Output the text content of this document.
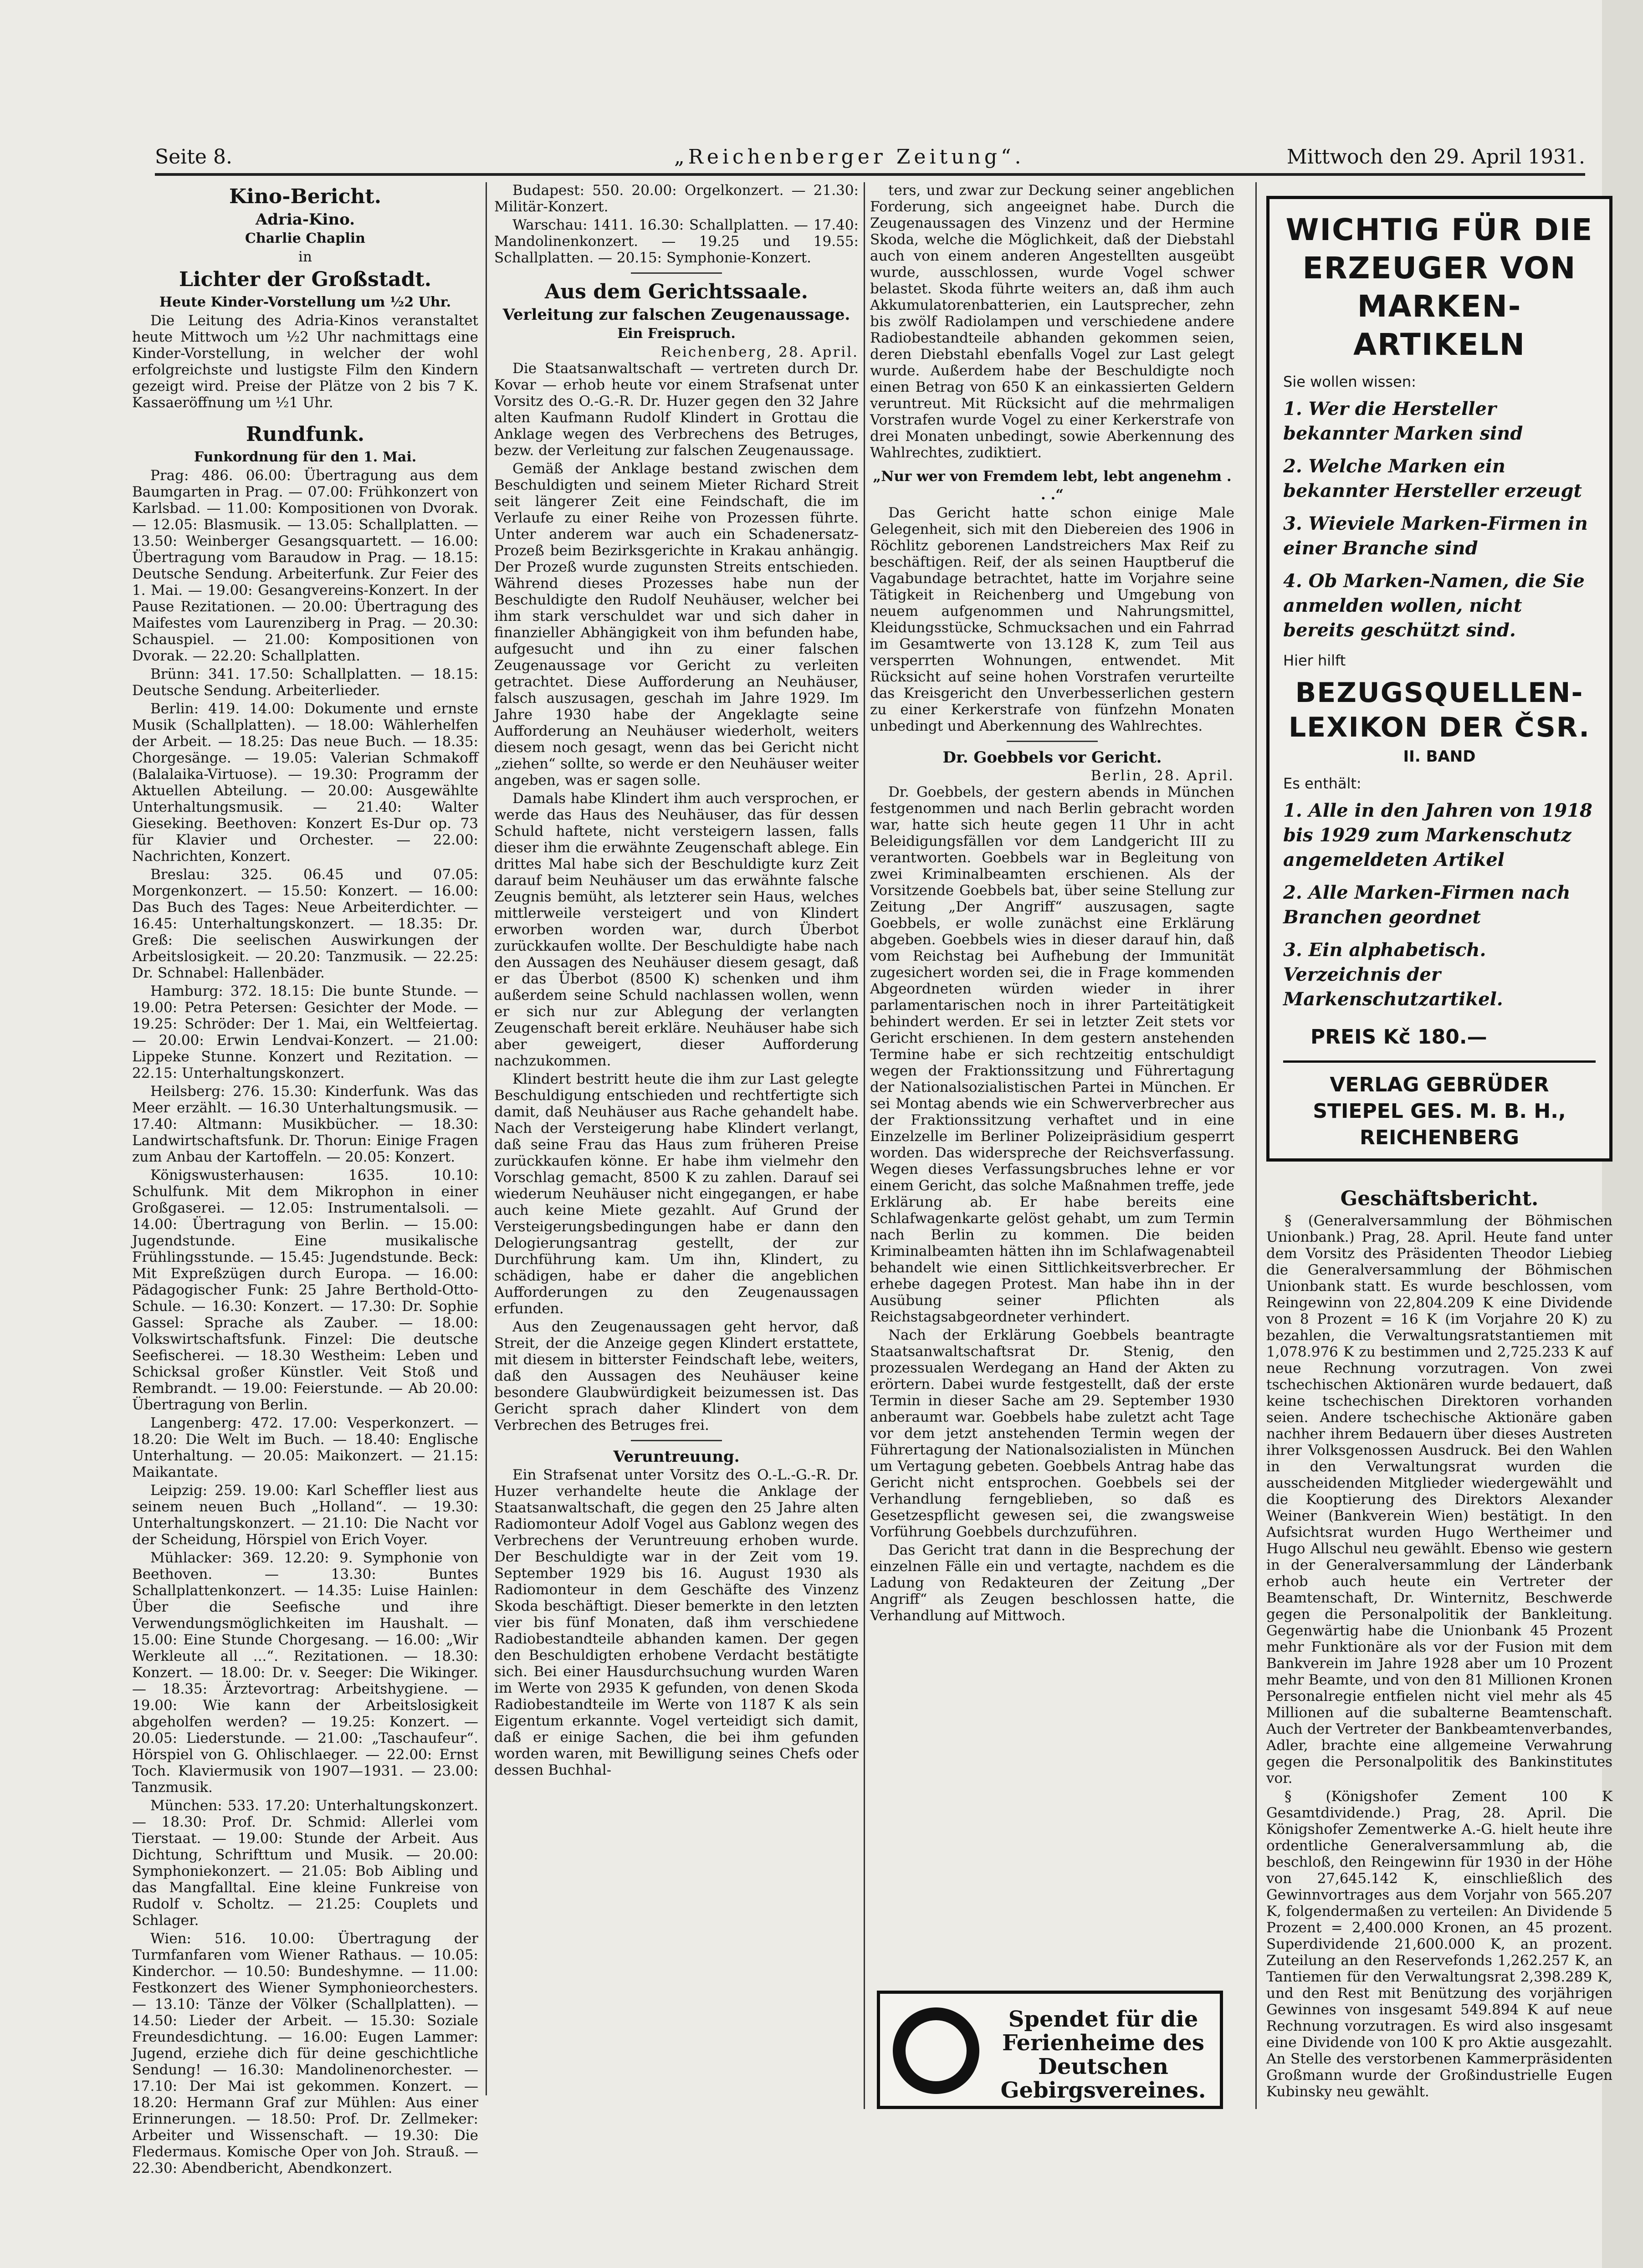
Seite 8.	„Reichenberger Zeitung“.	Mittwoch den 29. April 1931.
Kino-Bericht.
Adria-Kino.
Charlie Chaplin
in
Lichter der Großstadt.
Heute Kinder-Vorstellung um ½2 Uhr.

Die Leitung des Adria-Kinos veranstaltet heute Mittwoch um ½2 Uhr nachmittags eine Kinder-Vorstellung, in welcher der wohl erfolgreichste und lustigste Film den Kindern gezeigt wird. Preise der Plätze von 2 bis 7 K. Kassaeröffnung um ½1 Uhr.

Rundfunk.
Funkordnung für den 1. Mai.

Prag: 486. 06.00: Übertragung aus dem Baumgarten in Prag. — 07.00: Frühkonzert von Karlsbad. — 11.00: Kompositionen von Dvorak. — 12.05: Blasmusik. — 13.05: Schallplatten. — 13.50: Weinberger Gesangsquartett. — 16.00: Übertragung vom Baraudow in Prag. — 18.15: Deutsche Sendung. Arbeiterfunk. Zur Feier des 1. Mai. — 19.00: Gesangvereins-Konzert. In der Pause Rezitationen. — 20.00: Übertragung des Maifestes vom Laurenziberg in Prag. — 20.30: Schauspiel. — 21.00: Kompositionen von Dvorak. — 22.20: Schallplatten.

Brünn: 341. 17.50: Schallplatten. — 18.15: Deutsche Sendung. Arbeiterlieder.

Berlin: 419. 14.00: Dokumente und ernste Musik (Schallplatten). — 18.00: Wählerhelfen der Arbeit. — 18.25: Das neue Buch. — 18.35: Chorgesänge. — 19.05: Valerian Schmakoff (Balalaika-Virtuose). — 19.30: Programm der Aktuellen Abteilung. — 20.00: Ausgewählte Unterhaltungsmusik. — 21.40: Walter Gieseking. Beethoven: Konzert Es-Dur op. 73 für Klavier und Orchester. — 22.00: Nachrichten, Konzert.

Breslau: 325. 06.45 und 07.05: Morgenkonzert. — 15.50: Konzert. — 16.00: Das Buch des Tages: Neue Arbeiterdichter. — 16.45: Unterhaltungskonzert. — 18.35: Dr. Greß: Die seelischen Auswirkungen der Arbeitslosigkeit. — 20.20: Tanzmusik. — 22.25: Dr. Schnabel: Hallenbäder.

Hamburg: 372. 18.15: Die bunte Stunde. — 19.00: Petra Petersen: Gesichter der Mode. — 19.25: Schröder: Der 1. Mai, ein Weltfeiertag. — 20.00: Erwin Lendvai-Konzert. — 21.00: Lippeke Stunne. Konzert und Rezitation. — 22.15: Unterhaltungskonzert.

Heilsberg: 276. 15.30: Kinderfunk. Was das Meer erzählt. — 16.30 Unterhaltungsmusik. — 17.40: Altmann: Musikbücher. — 18.30: Landwirtschaftsfunk. Dr. Thorun: Einige Fragen zum Anbau der Kartoffeln. — 20.05: Konzert.

Königswusterhausen: 1635. 10.10: Schulfunk. Mit dem Mikrophon in einer Großgaserei. — 12.05: Instrumentalsoli. — 14.00: Übertragung von Berlin. — 15.00: Jugendstunde. Eine musikalische Frühlingsstunde. — 15.45: Jugendstunde. Beck: Mit Expreßzügen durch Europa. — 16.00: Pädagogischer Funk: 25 Jahre Berthold-Otto-Schule. — 16.30: Konzert. — 17.30: Dr. Sophie Gassel: Sprache als Zauber. — 18.00: Volkswirtschaftsfunk. Finzel: Die deutsche Seefischerei. — 18.30 Westheim: Leben und Schicksal großer Künstler. Veit Stoß und Rembrandt. — 19.00: Feierstunde. — Ab 20.00: Übertragung von Berlin.

Langenberg: 472. 17.00: Vesperkonzert. — 18.20: Die Welt im Buch. — 18.40: Englische Unterhaltung. — 20.05: Maikonzert. — 21.15: Maikantate.

Leipzig: 259. 19.00: Karl Scheffler liest aus seinem neuen Buch „Holland“. — 19.30: Unterhaltungskonzert. — 21.10: Die Nacht vor der Scheidung, Hörspiel von Erich Voyer.

Mühlacker: 369. 12.20: 9. Symphonie von Beethoven. — 13.30: Buntes Schallplattenkonzert. — 14.35: Luise Hainlen: Über die Seefische und ihre Verwendungsmöglichkeiten im Haushalt. — 15.00: Eine Stunde Chorgesang. — 16.00: „Wir Werkleute all ...“. Rezitationen. — 18.30: Konzert. — 18.00: Dr. v. Seeger: Die Wikinger. — 18.35: Ärztevortrag: Arbeitshygiene. — 19.00: Wie kann der Arbeitslosigkeit abgeholfen werden? — 19.25: Konzert. — 20.05: Liederstunde. — 21.00: „Taschaufeur“. Hörspiel von G. Ohlischlaeger. — 22.00: Ernst Toch. Klaviermusik von 1907—1931. — 23.00: Tanzmusik.

München: 533. 17.20: Unterhaltungskonzert. — 18.30: Prof. Dr. Schmid: Allerlei vom Tierstaat. — 19.00: Stunde der Arbeit. Aus Dichtung, Schrifttum und Musik. — 20.00: Symphoniekonzert. — 21.05: Bob Aibling und das Mangfalltal. Eine kleine Funkreise von Rudolf v. Scholtz. — 21.25: Couplets und Schlager.

Wien: 516. 10.00: Übertragung der Turmfanfaren vom Wiener Rathaus. — 10.05: Kinderchor. — 10.50: Bundeshymne. — 11.00: Festkonzert des Wiener Symphonieorchesters. — 13.10: Tänze der Völker (Schallplatten). — 14.50: Lieder der Arbeit. — 15.30: Soziale Freundesdichtung. — 16.00: Eugen Lammer: Jugend, erziehe dich für deine geschichtliche Sendung! — 16.30: Mandolinenorchester. — 17.10: Der Mai ist gekommen. Konzert. — 18.20: Hermann Graf zur Mühlen: Aus einer Erinnerungen. — 18.50: Prof. Dr. Zellmeker: Arbeiter und Wissenschaft. — 19.30: Die Fledermaus. Komische Oper von Joh. Strauß. — 22.30: Abendbericht, Abendkonzert.

Budapest: 550. 20.00: Orgelkonzert. — 21.30: Militär-Konzert.

Warschau: 1411. 16.30: Schallplatten. — 17.40: Mandolinenkonzert. — 19.25 und 19.55: Schallplatten. — 20.15: Symphonie-Konzert.

Aus dem Gerichtssaale.
Verleitung zur falschen Zeugenaussage.
Ein Freispruch.
Reichenberg, 28. April.

Die Staatsanwaltschaft — vertreten durch Dr. Kovar — erhob heute vor einem Strafsenat unter Vorsitz des O.-G.-R. Dr. Huzer gegen den 32 Jahre alten Kaufmann Rudolf Klindert in Grottau die Anklage wegen des Verbrechens des Betruges, bezw. der Verleitung zur falschen Zeugenaussage.

Gemäß der Anklage bestand zwischen dem Beschuldigten und seinem Mieter Richard Streit seit längerer Zeit eine Feindschaft, die im Verlaufe zu einer Reihe von Prozessen führte. Unter anderem war auch ein Schadenersatz-Prozeß beim Bezirksgerichte in Krakau anhängig. Der Prozeß wurde zugunsten Streits entschieden. Während dieses Prozesses habe nun der Beschuldigte den Rudolf Neuhäuser, welcher bei ihm stark verschuldet war und sich daher in finanzieller Abhängigkeit von ihm befunden habe, aufgesucht und ihn zu einer falschen Zeugenaussage vor Gericht zu verleiten getrachtet. Diese Aufforderung an Neuhäuser, falsch auszusagen, geschah im Jahre 1929. Im Jahre 1930 habe der Angeklagte seine Aufforderung an Neuhäuser wiederholt, weiters diesem noch gesagt, wenn das bei Gericht nicht „ziehen“ sollte, so werde er den Neuhäuser weiter angeben, was er sagen solle.

Damals habe Klindert ihm auch versprochen, er werde das Haus des Neuhäuser, das für dessen Schuld haftete, nicht versteigern lassen, falls dieser ihm die erwähnte Zeugenschaft ablege. Ein drittes Mal habe sich der Beschuldigte kurz Zeit darauf beim Neuhäuser um das erwähnte falsche Zeugnis bemüht, als letzterer sein Haus, welches mittlerweile versteigert und von Klindert erworben worden war, durch Überbot zurückkaufen wollte. Der Beschuldigte habe nach den Aussagen des Neuhäuser diesem gesagt, daß er das Überbot (8500 K) schenken und ihm außerdem seine Schuld nachlassen wollen, wenn er sich nur zur Ablegung der verlangten Zeugenschaft bereit erkläre. Neuhäuser habe sich aber geweigert, dieser Aufforderung nachzukommen.

Klindert bestritt heute die ihm zur Last gelegte Beschuldigung entschieden und rechtfertigte sich damit, daß Neuhäuser aus Rache gehandelt habe. Nach der Versteigerung habe Klindert verlangt, daß seine Frau das Haus zum früheren Preise zurückkaufen könne. Er habe ihm vielmehr den Vorschlag gemacht, 8500 K zu zahlen. Darauf sei wiederum Neuhäuser nicht eingegangen, er habe auch keine Miete gezahlt. Auf Grund der Versteigerungsbedingungen habe er dann den Delogierungsantrag gestellt, der zur Durchführung kam. Um ihn, Klindert, zu schädigen, habe er daher die angeblichen Aufforderungen zu den Zeugenaussagen erfunden.

Aus den Zeugenaussagen geht hervor, daß Streit, der die Anzeige gegen Klindert erstattete, mit diesem in bitterster Feindschaft lebe, weiters, daß den Aussagen des Neuhäuser keine besondere Glaubwürdigkeit beizumessen ist. Das Gericht sprach daher Klindert von dem Verbrechen des Betruges frei.

Veruntreuung.

Ein Strafsenat unter Vorsitz des O.-L.-G.-R. Dr. Huzer verhandelte heute die Anklage der Staatsanwaltschaft, die gegen den 25 Jahre alten Radiomonteur Adolf Vogel aus Gablonz wegen des Verbrechens der Veruntreuung erhoben wurde. Der Beschuldigte war in der Zeit vom 19. September 1929 bis 16. August 1930 als Radiomonteur in dem Geschäfte des Vinzenz Skoda beschäftigt. Dieser bemerkte in den letzten vier bis fünf Monaten, daß ihm verschiedene Radiobestandteile abhanden kamen. Der gegen den Beschuldigten erhobene Verdacht bestätigte sich. Bei einer Hausdurchsuchung wurden Waren im Werte von 2935 K gefunden, von denen Skoda Radiobestandteile im Werte von 1187 K als sein Eigentum erkannte. Vogel verteidigt sich damit, daß er einige Sachen, die bei ihm gefunden worden waren, mit Bewilligung seines Chefs oder dessen Buchhal-

ters, und zwar zur Deckung seiner angeblichen Forderung, sich angeeignet habe. Durch die Zeugenaussagen des Vinzenz und der Hermine Skoda, welche die Möglichkeit, daß der Diebstahl auch von einem anderen Angestellten ausgeübt wurde, ausschlossen, wurde Vogel schwer belastet. Skoda führte weiters an, daß ihm auch Akkumulatorenbatterien, ein Lautsprecher, zehn bis zwölf Radiolampen und verschiedene andere Radiobestandteile abhanden gekommen seien, deren Diebstahl ebenfalls Vogel zur Last gelegt wurde. Außerdem habe der Beschuldigte noch einen Betrag von 650 K an einkassierten Geldern veruntreut. Mit Rücksicht auf die mehrmaligen Vorstrafen wurde Vogel zu einer Kerkerstrafe von drei Monaten unbedingt, sowie Aberkennung des Wahlrechtes, zudiktiert.

„Nur wer von Fremdem lebt, lebt angenehm . . .“

Das Gericht hatte schon einige Male Gelegenheit, sich mit den Diebereien des 1906 in Röchlitz geborenen Landstreichers Max Reif zu beschäftigen. Reif, der als seinen Hauptberuf die Vagabundage betrachtet, hatte im Vorjahre seine Tätigkeit in Reichenberg und Umgebung von neuem aufgenommen und Nahrungsmittel, Kleidungsstücke, Schmucksachen und ein Fahrrad im Gesamtwerte von 13.128 K, zum Teil aus versperrten Wohnungen, entwendet. Mit Rücksicht auf seine hohen Vorstrafen verurteilte das Kreisgericht den Unverbesserlichen gestern zu einer Kerkerstrafe von fünfzehn Monaten unbedingt und Aberkennung des Wahlrechtes.

Dr. Goebbels vor Gericht.
Berlin, 28. April.

Dr. Goebbels, der gestern abends in München festgenommen und nach Berlin gebracht worden war, hatte sich heute gegen 11 Uhr in acht Beleidigungsfällen vor dem Landgericht III zu verantworten. Goebbels war in Begleitung von zwei Kriminalbeamten erschienen. Als der Vorsitzende Goebbels bat, über seine Stellung zur Zeitung „Der Angriff“ auszusagen, sagte Goebbels, er wolle zunächst eine Erklärung abgeben. Goebbels wies in dieser darauf hin, daß vom Reichstag bei Aufhebung der Immunität zugesichert worden sei, die in Frage kommenden Abgeordneten würden wieder in ihrer parlamentarischen noch in ihrer Parteitätigkeit behindert werden. Er sei in letzter Zeit stets vor Gericht erschienen. In dem gestern anstehenden Termine habe er sich rechtzeitig entschuldigt wegen der Fraktionssitzung und Führertagung der Nationalsozialistischen Partei in München. Er sei Montag abends wie ein Schwerverbrecher aus der Fraktionssitzung verhaftet und in eine Einzelzelle im Berliner Polizeipräsidium gesperrt worden. Das widerspreche der Reichsverfassung. Wegen dieses Verfassungsbruches lehne er vor einem Gericht, das solche Maßnahmen treffe, jede Erklärung ab. Er habe bereits eine Schlafwagenkarte gelöst gehabt, um zum Termin nach Berlin zu kommen. Die beiden Kriminalbeamten hätten ihn im Schlafwagenabteil behandelt wie einen Sittlichkeitsverbrecher. Er erhebe dagegen Protest. Man habe ihn in der Ausübung seiner Pflichten als Reichstagsabgeordneter verhindert.

Nach der Erklärung Goebbels beantragte Staatsanwaltschaftsrat Dr. Stenig, den prozessualen Werdegang an Hand der Akten zu erörtern. Dabei wurde festgestellt, daß der erste Termin in dieser Sache am 29. September 1930 anberaumt war. Goebbels habe zuletzt acht Tage vor dem jetzt anstehenden Termin wegen der Führertagung der Nationalsozialisten in München um Vertagung gebeten. Goebbels Antrag habe das Gericht nicht entsprochen. Goebbels sei der Verhandlung ferngeblieben, so daß es Gesetzespflicht gewesen sei, die zwangsweise Vorführung Goebbels durchzuführen.

Das Gericht trat dann in die Besprechung der einzelnen Fälle ein und vertagte, nachdem es die Ladung von Redakteuren der Zeitung „Der Angriff“ als Zeugen beschlossen hatte, die Verhandlung auf Mittwoch.

Spendet für die Ferienheime des Deutschen Gebirgsvereines.
WICHTIG FÜR DIE ERZEUGER VON MARKEN-ARTIKELN
Sie wollen wissen:
1. Wer die Hersteller bekannter Marken sind
2. Welche Marken ein bekannter Hersteller erzeugt
3. Wieviele Marken-Firmen in einer Branche sind
4. Ob Marken-Namen, die Sie anmelden wollen, nicht bereits geschützt sind.
Hier hilft
BEZUGSQUELLEN-LEXIKON DER ČSR.
II. BAND
Es enthält:
1. Alle in den Jahren von 1918 bis 1929 zum Markenschutz angemeldeten Artikel
2. Alle Marken-Firmen nach Branchen geordnet
3. Ein alphabetisch. Verzeichnis der Markenschutzartikel.
PREIS Kč 180.—
VERLAG GEBRÜDER STIEPEL GES. M. B. H., REICHENBERG
Geschäftsbericht.

§ (Generalversammlung der Böhmischen Unionbank.) Prag, 28. April. Heute fand unter dem Vorsitz des Präsidenten Theodor Liebieg die Generalversammlung der Böhmischen Unionbank statt. Es wurde beschlossen, vom Reingewinn von 22,804.209 K eine Dividende von 8 Prozent = 16 K (im Vorjahre 20 K) zu bezahlen, die Verwaltungsratstantiemen mit 1,078.976 K zu bestimmen und 2,725.233 K auf neue Rechnung vorzutragen. Von zwei tschechischen Aktionären wurde bedauert, daß keine tschechischen Direktoren vorhanden seien. Andere tschechische Aktionäre gaben nachher ihrem Bedauern über dieses Austreten ihrer Volksgenossen Ausdruck. Bei den Wahlen in den Verwaltungsrat wurden die ausscheidenden Mitglieder wiedergewählt und die Kooptierung des Direktors Alexander Weiner (Bankverein Wien) bestätigt. In den Aufsichtsrat wurden Hugo Wertheimer und Hugo Allschul neu gewählt. Ebenso wie gestern in der Generalversammlung der Länderbank erhob auch heute ein Vertreter der Beamtenschaft, Dr. Winternitz, Beschwerde gegen die Personalpolitik der Bankleitung. Gegenwärtig habe die Unionbank 45 Prozent mehr Funktionäre als vor der Fusion mit dem Bankverein im Jahre 1928 aber um 10 Prozent mehr Beamte, und von den 81 Millionen Kronen Personalregie entfielen nicht viel mehr als 45 Millionen auf die subalterne Beamtenschaft. Auch der Vertreter der Bankbeamtenverbandes, Adler, brachte eine allgemeine Verwahrung gegen die Personalpolitik des Bankinstitutes vor.

§ (Königshofer Zement 100 K Gesamtdividende.) Prag, 28. April. Die Königshofer Zementwerke A.-G. hielt heute ihre ordentliche Generalversammlung ab, die beschloß, den Reingewinn für 1930 in der Höhe von 27,645.142 K, einschließlich des Gewinnvortrages aus dem Vorjahr von 565.207 K, folgendermaßen zu verteilen: An Dividende 5 Prozent = 2,400.000 Kronen, an 45 prozent. Superdividende 21,600.000 K, an prozent. Zuteilung an den Reservefonds 1,262.257 K, an Tantiemen für den Verwaltungsrat 2,398.289 K, und den Rest mit Benützung des vorjährigen Gewinnes von insgesamt 549.894 K auf neue Rechnung vorzutragen. Es wird also insgesamt eine Dividende von 100 K pro Aktie ausgezahlt. An Stelle des verstorbenen Kammerpräsidenten Großmann wurde der Großindustrielle Eugen Kubinsky neu gewählt.
